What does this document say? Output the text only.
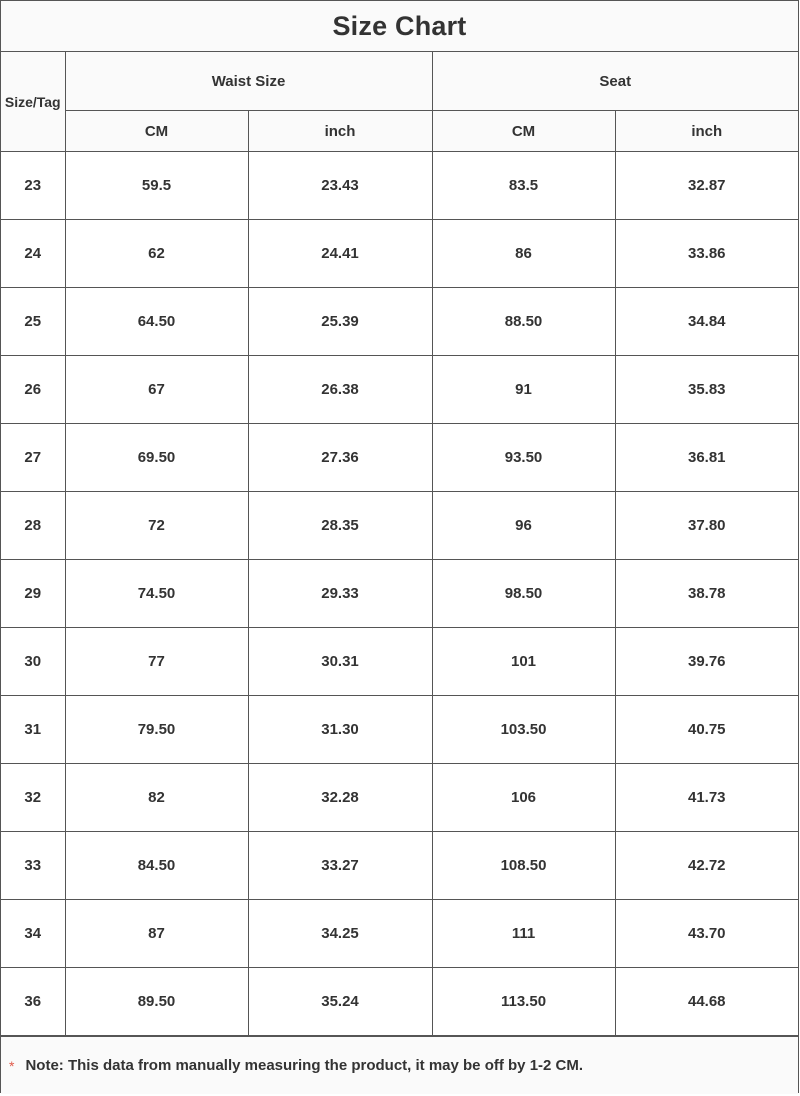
Size Chart
Size/Tag	Waist Size		Seat	
	CM	inch	CM	inch
23	59.5	23.43	83.5	32.87
24	62	24.41	86	33.86
25	64.50	25.39	88.50	34.84
26	67	26.38	91	35.83
27	69.50	27.36	93.50	36.81
28	72	28.35	96	37.80
29	74.50	29.33	98.50	38.78
30	77	30.31	101	39.76
31	79.50	31.30	103.50	40.75
32	82	32.28	106	41.73
33	84.50	33.27	108.50	42.72
34	87	34.25	111	43.70
36	89.50	35.24	113.50	44.68
* Note: This data from manually measuring the product, it may be off by 1-2 CM.
